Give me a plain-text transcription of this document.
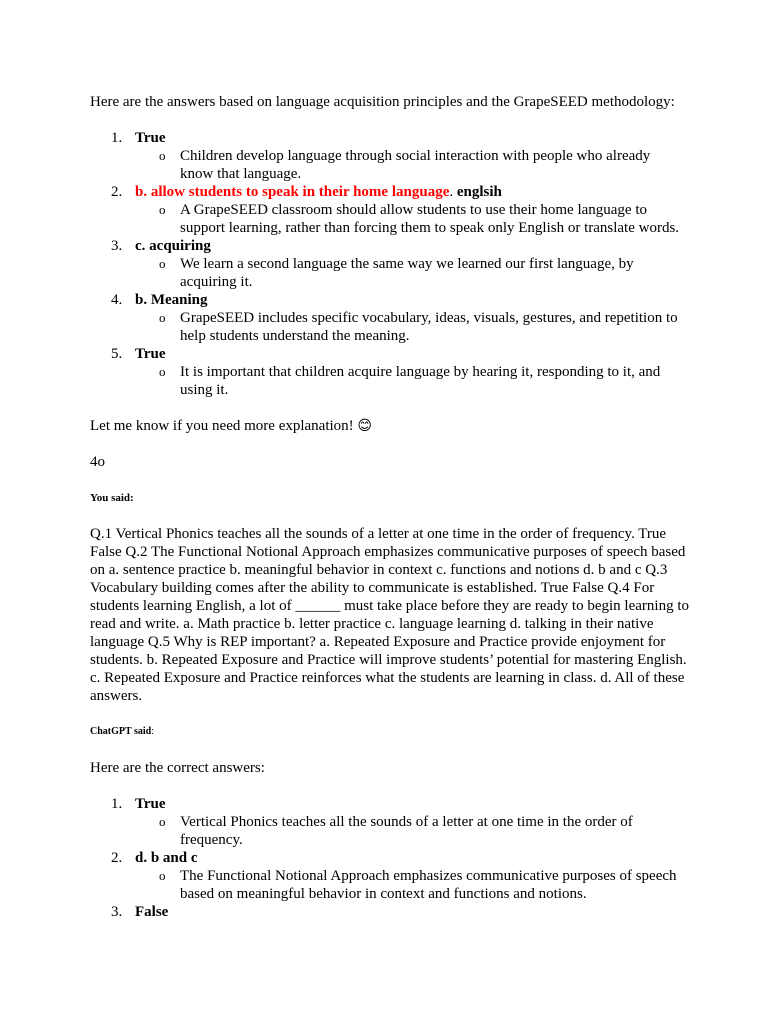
Here are the answers based on language acquisition principles and the GrapeSEED methodology:

1. True
o Children develop language through social interaction with people who already know that language.
2. b. allow students to speak in their home language. englsih
o A GrapeSEED classroom should allow students to use their home language to support learning, rather than forcing them to speak only English or translate words.
3. c. acquiring
o We learn a second language the same way we learned our first language, by acquiring it.
4. b. Meaning
o GrapeSEED includes specific vocabulary, ideas, visuals, gestures, and repetition to help students understand the meaning.
5. True
o It is important that children acquire language by hearing it, responding to it, and using it.

Let me know if you need more explanation! 😊

4o

You said:

Q.1 Vertical Phonics teaches all the sounds of a letter at one time in the order of frequency. True False Q.2 The Functional Notional Approach emphasizes communicative purposes of speech based on a. sentence practice b. meaningful behavior in context c. functions and notions d. b and c Q.3 Vocabulary building comes after the ability to communicate is established. True False Q.4 For students learning English, a lot of ______ must take place before they are ready to begin learning to read and write. a. Math practice b. letter practice c. language learning d. talking in their native language Q.5 Why is REP important? a. Repeated Exposure and Practice provide enjoyment for students. b. Repeated Exposure and Practice will improve students’ potential for mastering English. c. Repeated Exposure and Practice reinforces what the students are learning in class. d. All of these answers.

ChatGPT said:

Here are the correct answers:

1. True
o Vertical Phonics teaches all the sounds of a letter at one time in the order of frequency.
2. d. b and c
o The Functional Notional Approach emphasizes communicative purposes of speech based on meaningful behavior in context and functions and notions.
3. False
